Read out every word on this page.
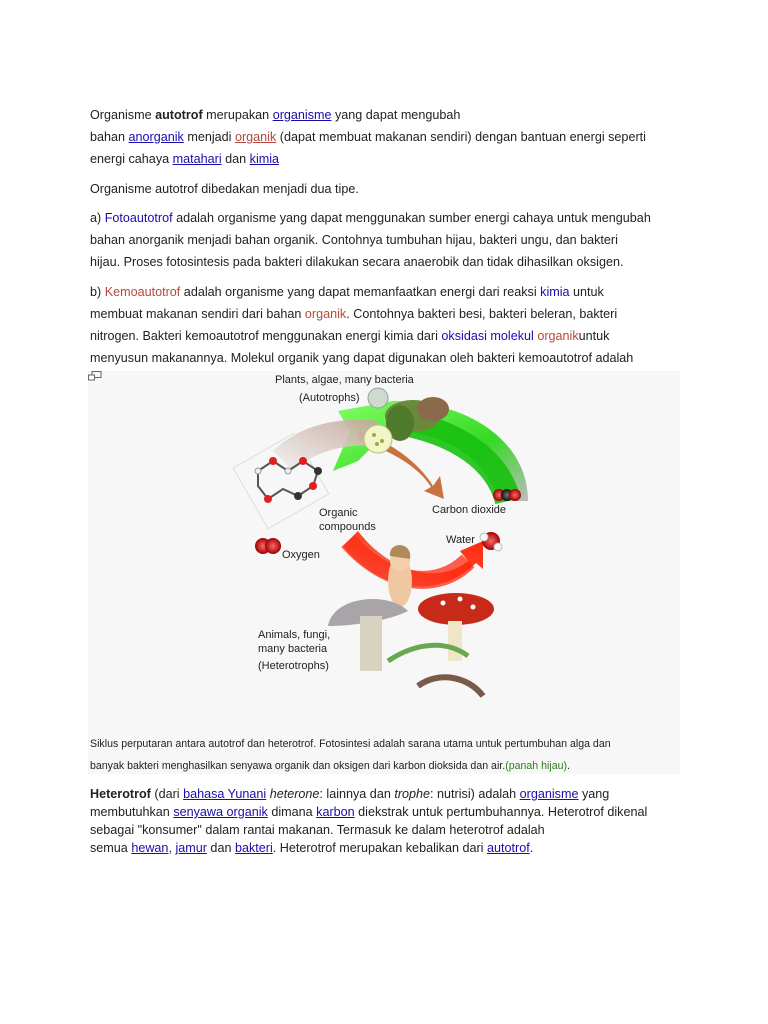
Organisme autotrof merupakan organisme yang dapat mengubah
bahan anorganik menjadi organik (dapat membuat makanan sendiri) dengan bantuan energi seperti
energi cahaya matahari dan kimia

Organisme autotrof dibedakan menjadi dua tipe.

a) Fotoautotrof adalah organisme yang dapat menggunakan sumber energi cahaya untuk mengubah
bahan anorganik menjadi bahan organik. Contohnya tumbuhan hijau, bakteri ungu, dan bakteri
hijau. Proses fotosintesis pada bakteri dilakukan secara anaerobik dan tidak dihasilkan oksigen.

b) Kemoautotrof adalah organisme yang dapat memanfaatkan energi dari reaksi kimia untuk
membuat makanan sendiri dari bahan organik. Contohnya bakteri besi, bakteri beleran, bakteri
nitrogen. Bakteri kemoautotrof menggunakan energi kimia dari oksidasi molekul organikuntuk
menyusun makanannya. Molekul organik yang dapat digunakan oleh bakteri kemoautotrof adalah

Plants, algae, many bacteria
(Autotrophs)
Organic
compounds
Carbon dioxide
Water
Oxygen
Animals, fungi,
many bacteria
(Heterotrophs)
Siklus perputaran antara autotrof dan heterotrof. Fotosintesi adalah sarana utama untuk pertumbuhan alga dan
banyak bakteri menghasilkan senyawa organik dan oksigen dari karbon dioksida dan air.(panah hijau).

Heterotrof (dari bahasa Yunani heterone: lainnya dan trophe: nutrisi) adalah organisme yang
membutuhkan senyawa organik dimana karbon diekstrak untuk pertumbuhannya. Heterotrof dikenal
sebagai "konsumer" dalam rantai makanan. Termasuk ke dalam heterotrof adalah
semua hewan, jamur dan bakteri. Heterotrof merupakan kebalikan dari autotrof.
